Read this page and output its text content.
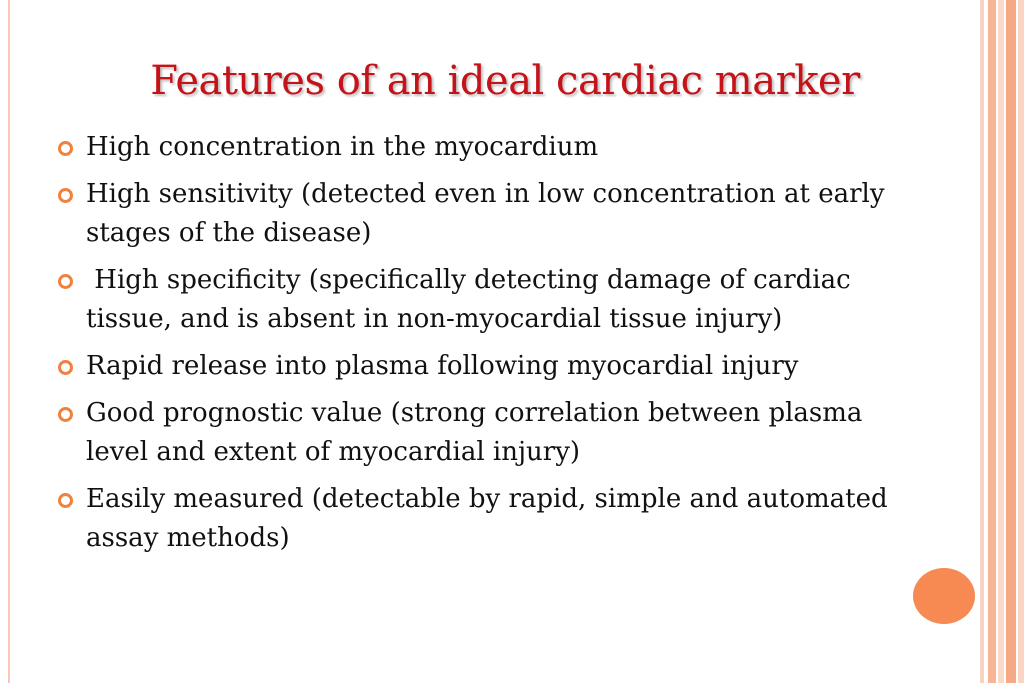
Features of an ideal cardiac marker
High concentration in the myocardium
High sensitivity (detected even in low concentration at early stages of the disease)
High specificity (specifically detecting damage of cardiac tissue, and is absent in non-myocardial tissue injury)
Rapid release into plasma following myocardial injury
Good prognostic value (strong correlation between plasma level and extent of myocardial injury)
Easily measured (detectable by rapid, simple and automated assay methods)
